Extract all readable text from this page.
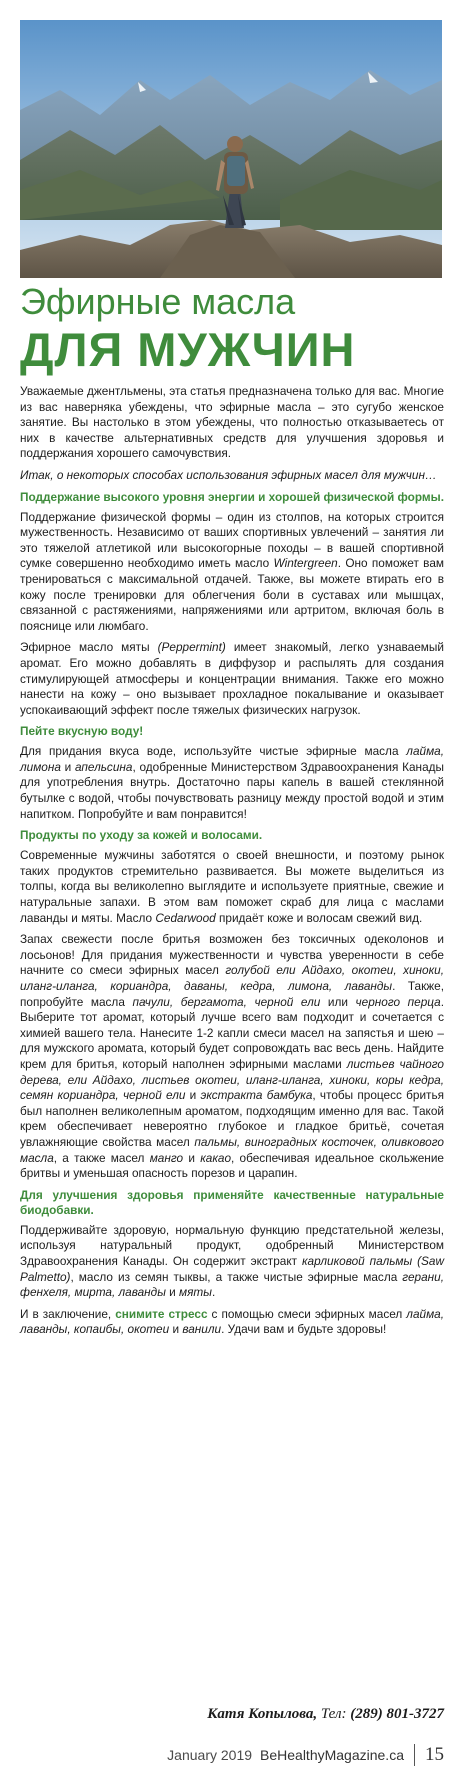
Эфирные масла
ДЛЯ МУЖЧИН

Уважаемые джентльмены, эта статья предназначена только для вас. Многие из вас наверняка убеждены, что эфирные масла – это сугубо женское занятие. Вы настолько в этом убеждены, что полностью отказываетесь от них в качестве альтернативных средств для улучшения здоровья и поддержания хорошего самочувствия.

Итак, о некоторых способах использования эфирных масел для мужчин…

Поддержание высокого уровня энергии и хорошей физической формы.

Поддержание физической формы – один из столпов, на которых строится мужественность. Независимо от ваших спортивных увлечений – занятия ли это тяжелой атлетикой или высокогорные походы – в вашей спортивной сумке совершенно необходимо иметь масло Wintergreen. Оно поможет вам тренироваться с максимальной отдачей. Также, вы можете втирать его в кожу после тренировки для облегчения боли в суставах или мышцах, связанной с растяжениями, напряжениями или артритом, включая боль в пояснице или люмбаго.

Эфирное масло мяты (Peppermint) имеет знакомый, легко узнаваемый аромат. Его можно добавлять в диффузор и распылять для создания стимулирующей атмосферы и концентрации внимания. Также его можно нанести на кожу – оно вызывает прохладное покалывание и оказывает успокаивающий эффект после тяжелых физических нагрузок.

Пейте вкусную воду!

Для придания вкуса воде, используйте чистые эфирные масла лайма, лимона и апельсина, одобренные Министерством Здравоохранения Канады для употребления внутрь. Достаточно пары капель в вашей стеклянной бутылке с водой, чтобы почувствовать разницу между простой водой и этим напитком. Попробуйте и вам понравится!

Продукты по уходу за кожей и волосами.

Современные мужчины заботятся о своей внешности, и поэтому рынок таких продуктов стремительно развивается. Вы можете выделиться из толпы, когда вы великолепно выглядите и используете приятные, свежие и натуральные запахи. В этом вам поможет скраб для лица с маслами лаванды и мяты. Масло Cedarwood придаёт коже и волосам свежий вид.

Запах свежести после бритья возможен без токсичных одеколонов и лосьонов! Для придания мужественности и чувства уверенности в себе начните со смеси эфирных масел голубой ели Айдахо, окотеи, хиноки, иланг-иланга, кориандра, даваны, кедра, лимона, лаванды. Также, попробуйте масла пачули, бергамота, черной ели или черного перца. Выберите тот аромат, который лучше всего вам подходит и сочетается с химией вашего тела. Нанесите 1-2 капли смеси масел на запястья и шею – для мужского аромата, который будет сопровождать вас весь день. Найдите крем для бритья, который наполнен эфирными маслами листьев чайного дерева, ели Айдахо, листьев окотеи, иланг-иланга, хиноки, коры кедра, семян кориандра, черной ели и экстракта бамбука, чтобы процесс бритья был наполнен великолепным ароматом, подходящим именно для вас. Такой крем обеспечивает невероятно глубокое и гладкое бритьё, сочетая увлажняющие свойства масел пальмы, виноградных косточек, оливкового масла, а также масел манго и какао, обеспечивая идеальное скольжение бритвы и уменьшая опасность порезов и царапин.

Для улучшения здоровья применяйте качественные натуральные биодобавки.

Поддерживайте здоровую, нормальную функцию предстательной железы, используя натуральный продукт, одобренный Министерством Здравоохранения Канады. Он содержит экстракт карликовой пальмы (Saw Palmetto), масло из семян тыквы, а также чистые эфирные масла герани, фенхеля, мирта, лаванды и мяты.

И в заключение, снимите стресс с помощью смеси эфирных масел лайма, лаванды, копаибы, окотеи и ванили. Удачи вам и будьте здоровы!

Катя Копылова, Тел: (289) 801-3727
January 2019 BeHealthyMagazine.ca 15
